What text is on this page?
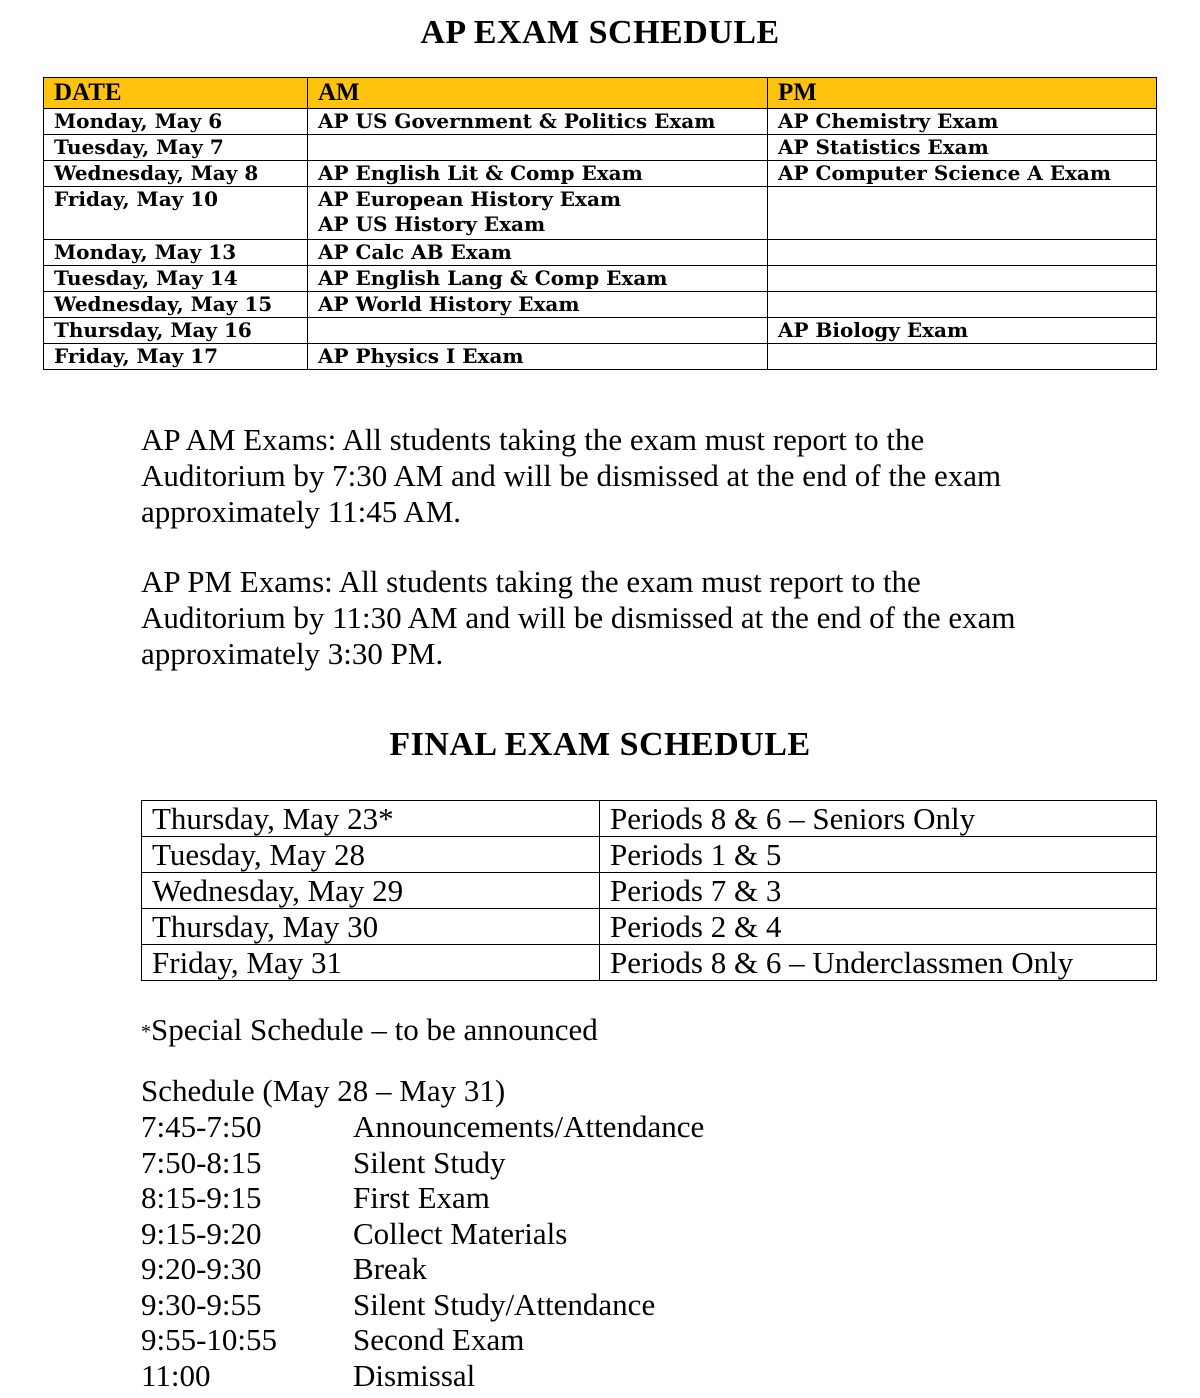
AP EXAM SCHEDULE
DATE	AM	PM
Monday, May 6	AP US Government & Politics Exam	AP Chemistry Exam
Tuesday, May 7		AP Statistics Exam
Wednesday, May 8	AP English Lit & Comp Exam	AP Computer Science A Exam
Friday, May 10	AP European History Exam
AP US History Exam	

Monday, May 13	AP Calc AB Exam	

Tuesday, May 14	AP English Lang & Comp Exam	

Wednesday, May 15	AP World History Exam	

Thursday, May 16		AP Biology Exam
Friday, May 17	AP Physics I Exam	

AP AM Exams: All students taking the exam must report to the Auditorium by 7:30 AM and will be dismissed at the end of the exam approximately 11:45 AM.

AP PM Exams: All students taking the exam must report to the Auditorium by 11:30 AM and will be dismissed at the end of the exam approximately 3:30 PM.

FINAL EXAM SCHEDULE
Thursday, May 23*	Periods 8 & 6 – Seniors Only
Tuesday, May 28	Periods 1 & 5
Wednesday, May 29	Periods 7 & 3
Thursday, May 30	Periods 2 & 4
Friday, May 31	Periods 8 & 6 – Underclassmen Only

*Special Schedule – to be announced

Schedule (May 28 – May 31)

7:45-7:50	Announcements/Attendance
7:50-8:15	Silent Study
8:15-9:15	First Exam
9:15-9:20	Collect Materials
9:20-9:30	Break
9:30-9:55	Silent Study/Attendance
9:55-10:55	Second Exam
11:00	Dismissal
